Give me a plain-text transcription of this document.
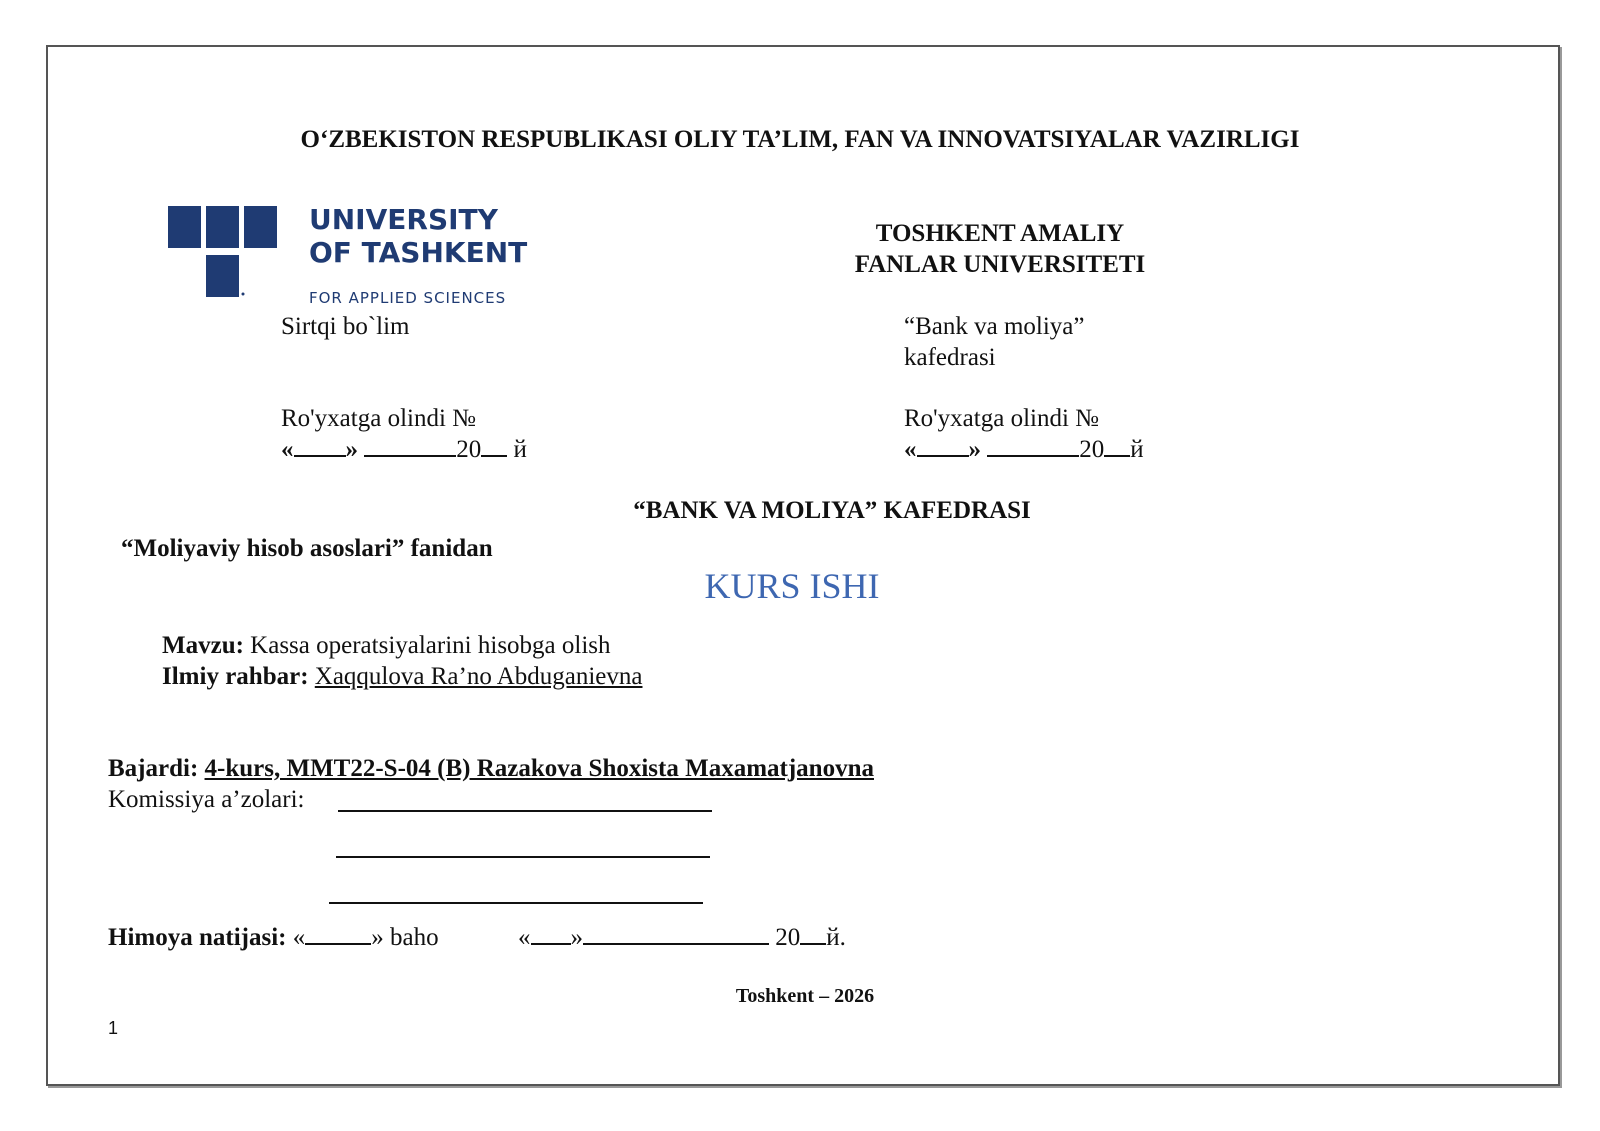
O‘ZBEKISTON RESPUBLIKASI OLIY TA’LIM, FAN VA INNOVATSIYALAR VAZIRLIGI
UNIVERSITY
OF TASHKENT
FOR APPLIED SCIENCES
TOSHKENT AMALIY
FANLAR UNIVERSITETI
Sirtqi bo`lim
Ro'yxatga olindi №
« »	20 й
“Bank va moliya”
kafedrasi
Ro'yxatga olindi №
« »	20 й
“BANK VA MOLIYA” KAFEDRASI
“Moliyaviy hisob asoslari” fanidan
KURS ISHI
Mavzu: Kassa operatsiyalarini hisobga olish
Ilmiy rahbar: Xaqqulova Ra’no Abduganievna
Bajardi: 4-kurs, MMT22-S-04 (B) Razakova Shoxista Maxamatjanovna
Komissiya a’zolari:
Himoya natijasi: «	» baho	« »	20 й.
Toshkent – 2026
1
